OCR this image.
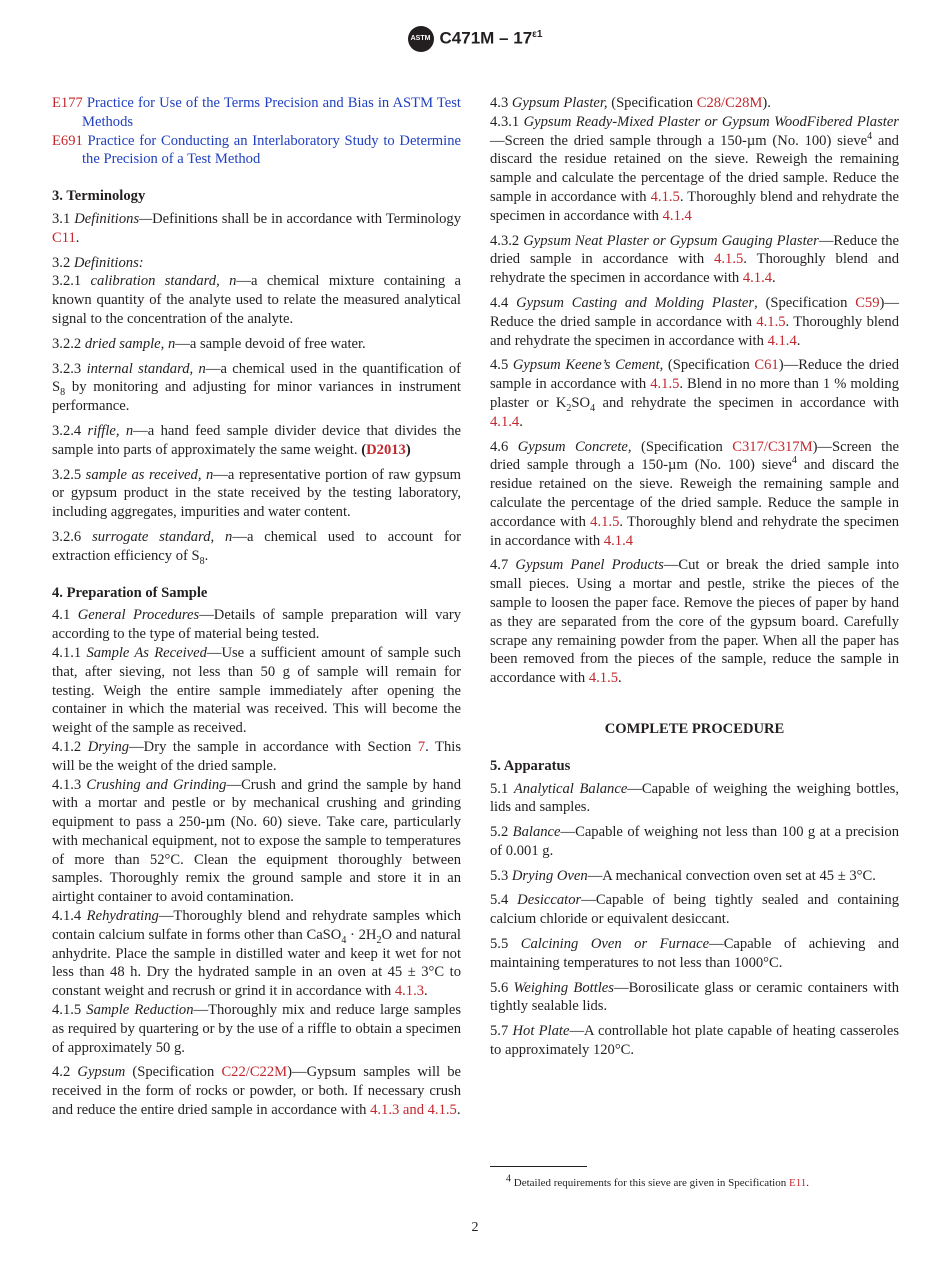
ASTM $C471M - 17^{\varepsilon 1}$
E177 Practice for Use of the Terms Precision and Bias in ASTM Test Methods
E691 Practice for Conducting an Interlaboratory Study to Determine the Precision of a Test Method
3. Terminology
3.1 Definitions—Definitions shall be in accordance with Terminology C11.
3.2 Definitions:
3.2.1 calibration standard, n—a chemical mixture containing a known quantity of the analyte used to relate the measured analytical signal to the concentration of the analyte.
3.2.2 dried sample, n—a sample devoid of free water.
3.2.3 internal standard, n—a chemical used in the quantification of $S_8$ by monitoring and adjusting for minor variances in instrument performance.
3.2.4 riffle, n—a hand feed sample divider device that divides the sample into parts of approximately the same weight. (D2013)
3.2.5 sample as received, n—a representative portion of raw gypsum or gypsum product in the state received by the testing laboratory, including aggregates, impurities and water content.
3.2.6 surrogate standard, n—a chemical used to account for extraction efficiency of $S_8$.
4. Preparation of Sample
4.1 General Procedures—Details of sample preparation will vary according to the type of material being tested.
4.1.1 Sample As Received—Use a sufficient amount of sample such that, after sieving, not less than 50 g of sample will remain for testing. Weigh the entire sample immediately after opening the container in which the material was received. This will become the weight of the sample as received.
4.1.2 Drying—Dry the sample in accordance with Section 7. This will be the weight of the dried sample.
4.1.3 Crushing and Grinding—Crush and grind the sample by hand with a mortar and pestle or by mechanical crushing and grinding equipment to pass a 250-µm (No. 60) sieve. Take care, particularly with mechanical equipment, not to expose the sample to temperatures of more than 52°C. Clean the equipment thoroughly between samples. Thoroughly remix the ground sample and store it in an airtight container to avoid contamination.
4.1.4 Rehydrating—Thoroughly blend and rehydrate samples which contain calcium sulfate in forms other than CaSO$_4$ · $2H_2O$ and natural anhydrite. Place the sample in distilled water and keep it wet for not less than 48 h. Dry the hydrated sample in an oven at 45 ± 3°C to constant weight and recrush or grind it in accordance with 4.1.3.
4.1.5 Sample Reduction—Thoroughly mix and reduce large samples as required by quartering or by the use of a riffle to obtain a specimen of approximately 50 g.
4.2 Gypsum (Specification C22/C22M)—Gypsum samples will be received in the form of rocks or powder, or both. If necessary crush and reduce the entire dried sample in accordance with 4.1.3 and 4.1.5.
4.3 Gypsum Plaster, (Specification C28/C28M).
4.3.1 Gypsum Ready-Mixed Plaster or Gypsum WoodFibered Plaster—Screen the dried sample through a 150-µm (No. 100) sieve$^4$ and discard the residue retained on the sieve. Reweigh the remaining sample and calculate the percentage of the dried sample. Reduce the sample in accordance with 4.1.5. Thoroughly blend and rehydrate the specimen in accordance with 4.1.4
4.3.2 Gypsum Neat Plaster or Gypsum Gauging Plaster—Reduce the dried sample in accordance with 4.1.5. Thoroughly blend and rehydrate the specimen in accordance with 4.1.4.
4.4 Gypsum Casting and Molding Plaster, (Specification C59)—Reduce the dried sample in accordance with 4.1.5. Thoroughly blend and rehydrate the specimen in accordance with 4.1.4.
4.5 Gypsum Keene’s Cement, (Specification C61)—Reduce the dried sample in accordance with 4.1.5. Blend in no more than 1 % molding plaster or $K_2SO_4$ and rehydrate the specimen in accordance with 4.1.4.
4.6 Gypsum Concrete, (Specification C317/C317M)—Screen the dried sample through a 150-µm (No. 100) sieve$^4$ and discard the residue retained on the sieve. Reweigh the remaining sample and calculate the percentage of the dried sample. Reduce the sample in accordance with 4.1.5. Thoroughly blend and rehydrate the specimen in accordance with 4.1.4
4.7 Gypsum Panel Products—Cut or break the dried sample into small pieces. Using a mortar and pestle, strike the pieces of the sample to loosen the paper face. Remove the pieces of paper by hand as they are separated from the core of the gypsum board. Carefully scrape any remaining powder from the paper. When all the paper has been removed from the pieces of the sample, reduce the sample in accordance with 4.1.5.
COMPLETE PROCEDURE
5. Apparatus
5.1 Analytical Balance—Capable of weighing the weighing bottles, lids and samples.
5.2 Balance—Capable of weighing not less than 100 g at a precision of 0.001 g.
5.3 Drying Oven—A mechanical convection oven set at 45 ± 3°C.
5.4 Desiccator—Capable of being tightly sealed and containing calcium chloride or equivalent desiccant.
5.5 Calcining Oven or Furnace—Capable of achieving and maintaining temperatures to not less than 1000°C.
5.6 Weighing Bottles—Borosilicate glass or ceramic containers with tightly sealable lids.
5.7 Hot Plate—A controllable hot plate capable of heating casseroles to approximately 120°C.
$^4$ Detailed requirements for this sieve are given in Specification E11.
2
